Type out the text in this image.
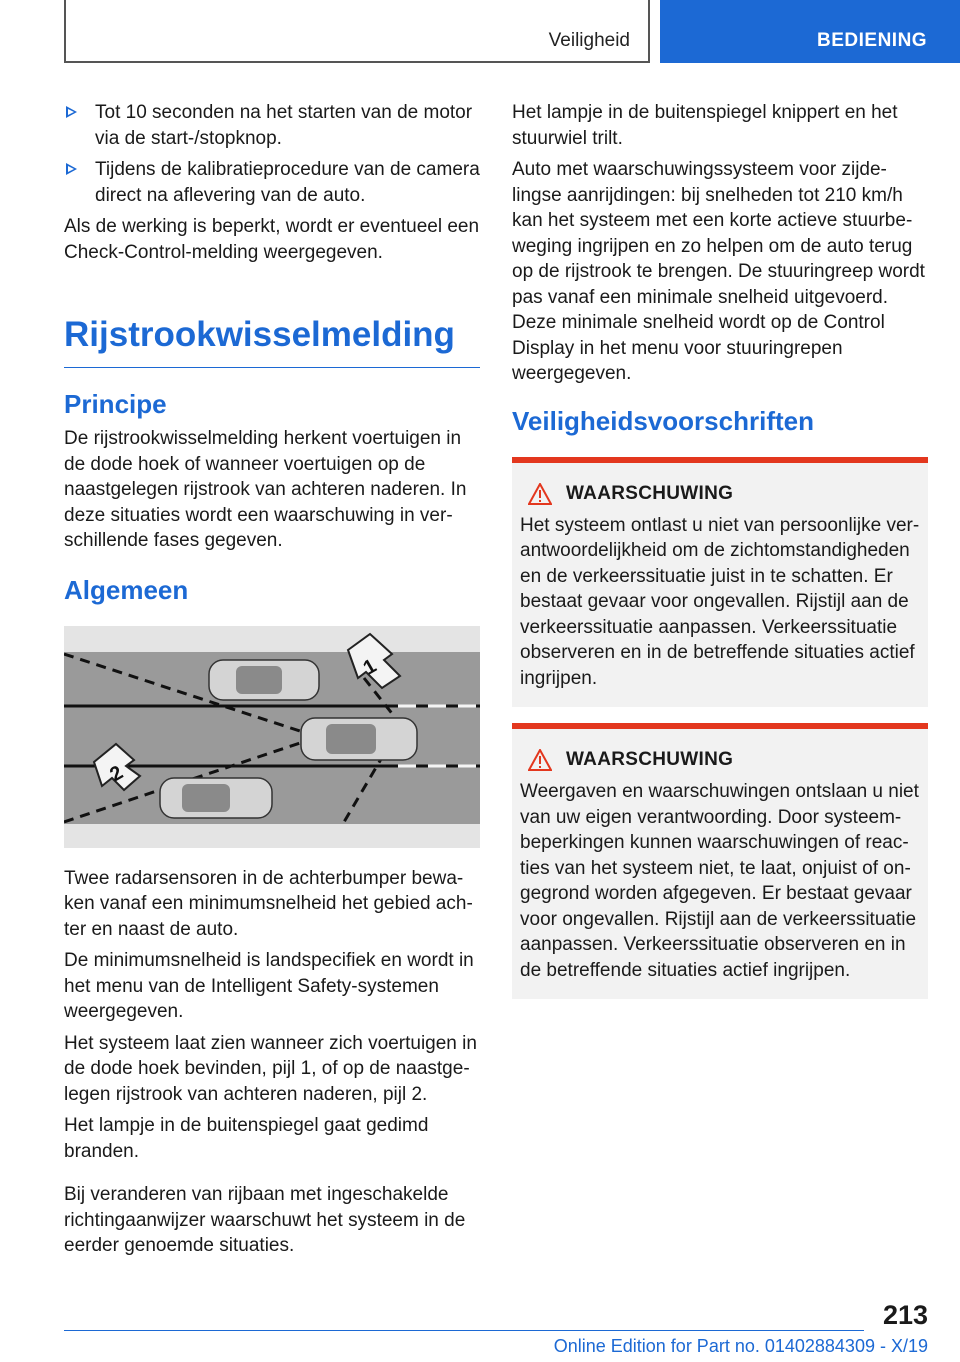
Veiligheid	BEDIENING
Tot 10 seconden na het starten van de motor via de start-/stopknop.
Tijdens de kalibratieprocedure van de camera direct na aflevering van de auto.

Als de werking is beperkt, wordt er eventueel een Check-Control-melding weergegeven.

Rijstrookwisselmelding
Principe

De rijstrookwisselmelding herkent voertuigen in de dode hoek of wanneer voertuigen op de naastgelegen rijstrook van achteren naderen. In deze situaties wordt een waarschuwing in verschillende fases gegeven.

Algemeen
1
2

Twee radarsensoren in de achterbumper bewaken vanaf een minimumsnelheid het gebied achter en naast de auto.

De minimumsnelheid is landspecifiek en wordt in het menu van de Intelligent Safety-systemen weergegeven.

Het systeem laat zien wanneer zich voertuigen in de dode hoek bevinden, pijl 1, of op de naastgelegen rijstrook van achteren naderen, pijl 2.

Het lampje in de buitenspiegel gaat gedimd branden.

Bij veranderen van rijbaan met ingeschakelde richtingaanwijzer waarschuwt het systeem in de eerder genoemde situaties.

Het lampje in de buitenspiegel knippert en het stuurwiel trilt.

Auto met waarschuwingssysteem voor zijdelingse aanrijdingen: bij snelheden tot 210 km/h kan het systeem met een korte actieve stuurbeweging ingrijpen en zo helpen om de auto terug op de rijstrook te brengen. De stuuringreep wordt pas vanaf een minimale snelheid uitgevoerd. Deze minimale snelheid wordt op de Control Display in het menu voor stuuringrepen weergegeven.

Veiligheidsvoorschriften
WAARSCHUWING

Het systeem ontlast u niet van persoonlijke verantwoordelijkheid om de zichtomstandigheden en de verkeerssituatie juist in te schatten. Er bestaat gevaar voor ongevallen. Rijstijl aan de verkeerssituatie aanpassen. Verkeerssituatie observeren en in de betreffende situaties actief ingrijpen.

WAARSCHUWING

Weergaven en waarschuwingen ontslaan u niet van uw eigen verantwoording. Door systeembeperkingen kunnen waarschuwingen of reacties van het systeem niet, te laat, onjuist of ongegrond worden afgegeven. Er bestaat gevaar voor ongevallen. Rijstijl aan de verkeerssituatie aanpassen. Verkeerssituatie observeren en in de betreffende situaties actief ingrijpen.

213
Online Edition for Part no. 01402884309 - X/19
